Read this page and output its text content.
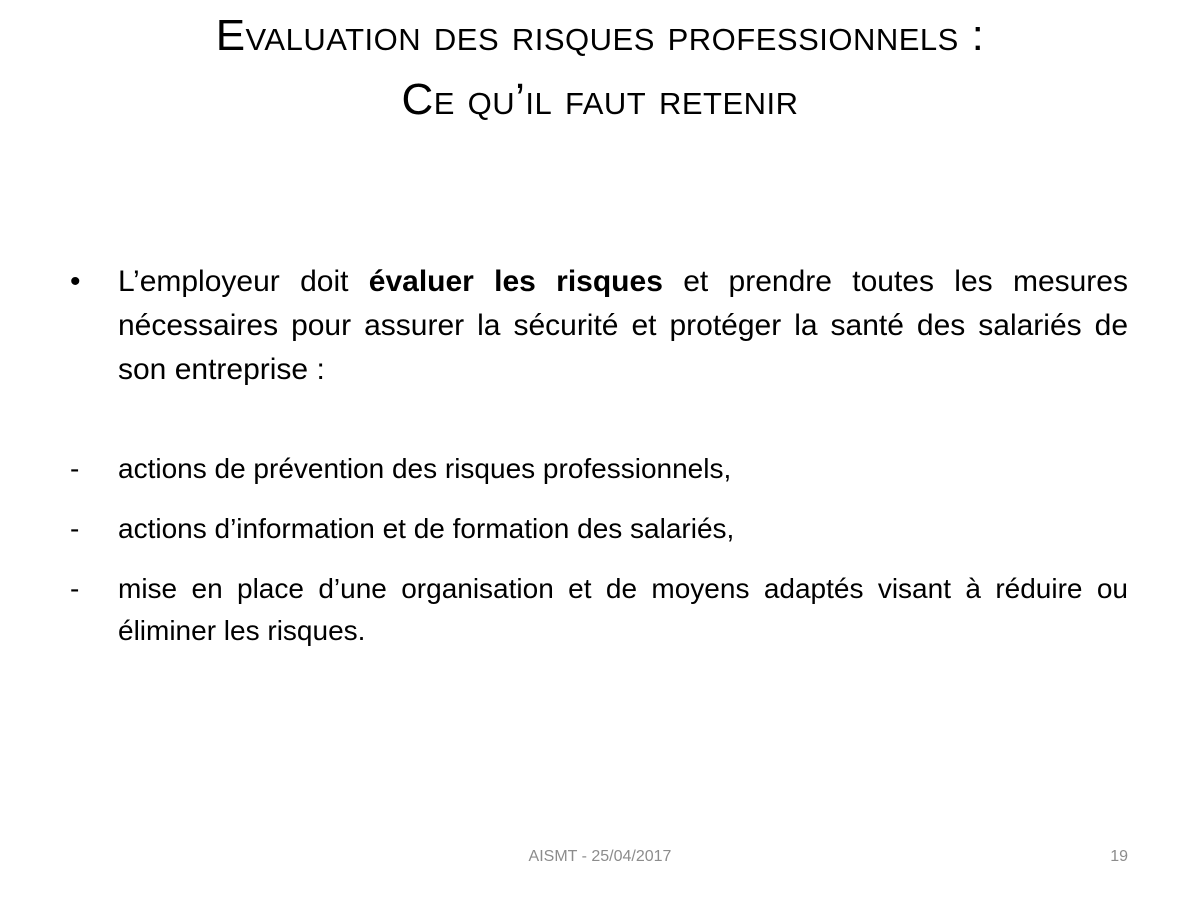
Evaluation des risques professionnels :
Ce qu’il faut retenir
•	L’employeur doit évaluer les risques et prendre toutes les mesures nécessaires pour assurer la sécurité et protéger la santé des salariés de son entreprise :
-	actions de prévention des risques professionnels,
-	actions d’information et de formation des salariés,
-	mise en place d’une organisation et de moyens adaptés visant à réduire ou éliminer les risques.
AISMT - 25/04/2017	19
